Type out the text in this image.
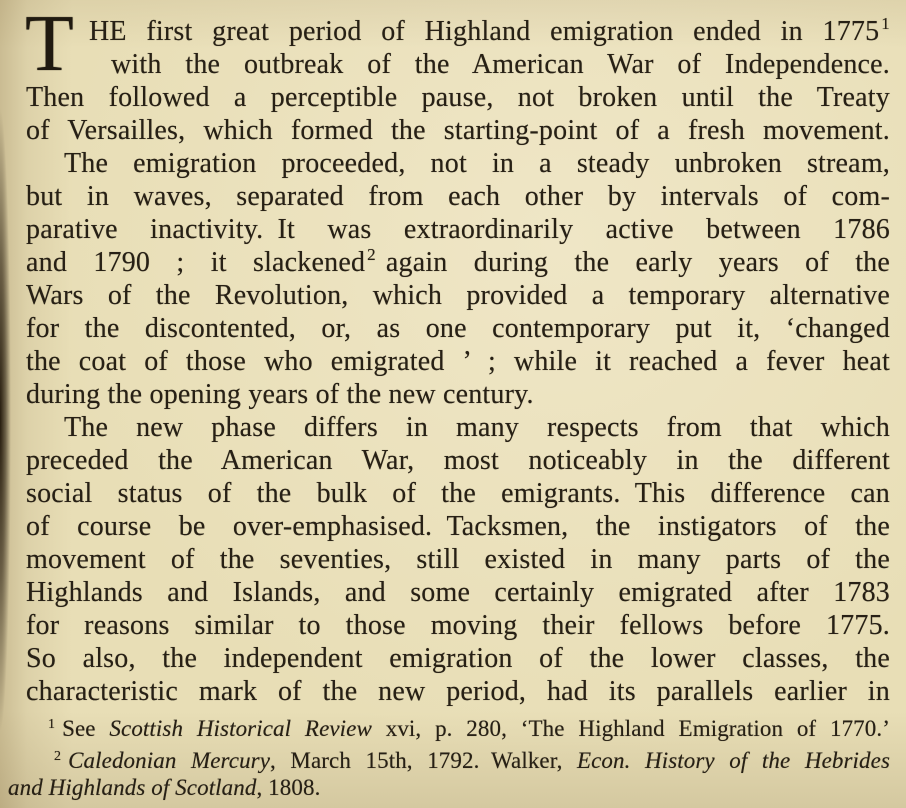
T HE first great period of Highland emigration ended in 1775 $^1$
with the outbreak of the American War of Independence.
Then followed a perceptible pause, not broken until the Treaty
of Versailles, which formed the starting-point of a fresh movement.
The emigration proceeded, not in a steady unbroken stream,
but in waves, separated from each other by intervals of com-
parative inactivity. It was extraordinarily active between 1786
and 1790 ; it slackened $^2$ again during the early years of the
Wars of the Revolution, which provided a temporary alternative
for the discontented, or, as one contemporary put it, ‘changed
the coat of those who emigrated ’ ; while it reached a fever heat
during the opening years of the new century.
The new phase differs in many respects from that which
preceded the American War, most noticeably in the different
social status of the bulk of the emigrants. This difference can
of course be over-emphasised. Tacksmen, the instigators of the
movement of the seventies, still existed in many parts of the
Highlands and Islands, and some certainly emigrated after 1783
for reasons similar to those moving their fellows before 1775.
So also, the independent emigration of the lower classes, the
characteristic mark of the new period, had its parallels earlier in
$^1$ See Scottish Historical Review xvi, p. 280, ‘The Highland Emigration of 1770.’
$^2$ Caledonian Mercury, March 15th, 1792. Walker, Econ. History of the Hebrides
and Highlands of Scotland, 1808.
